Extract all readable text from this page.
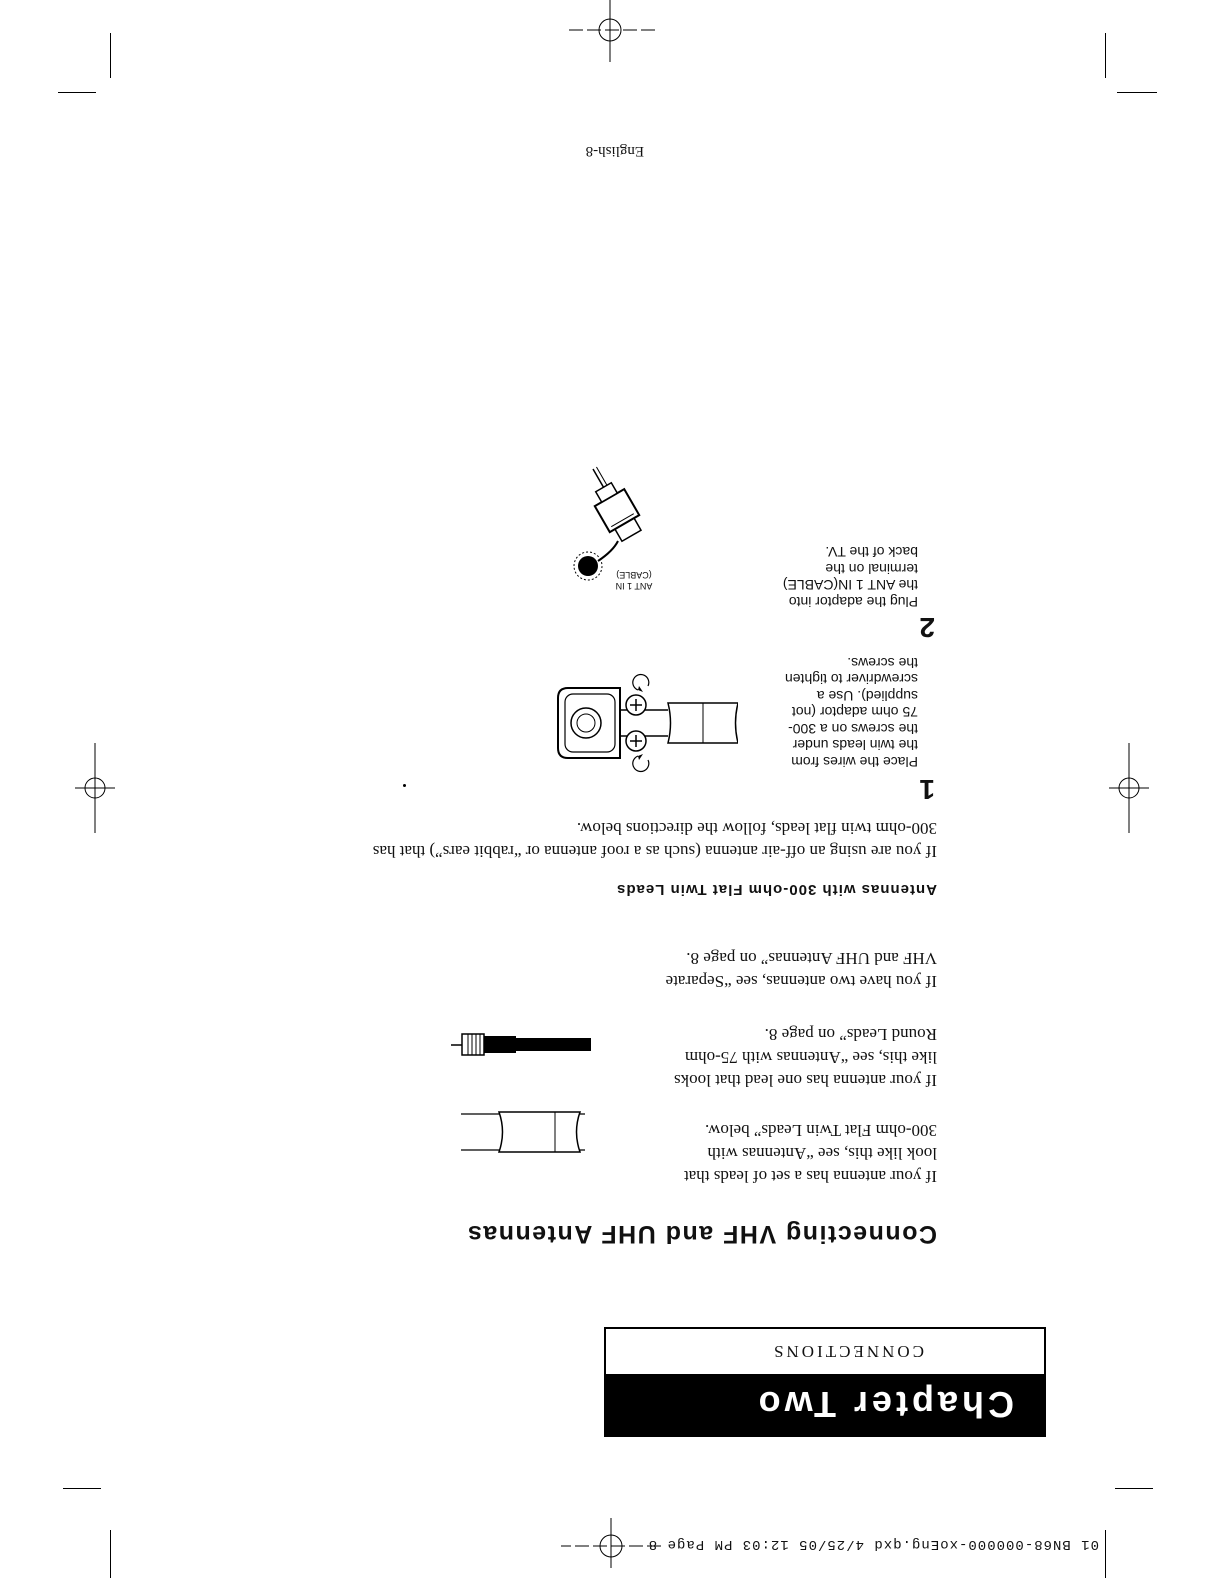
01 BN68-000000-xoEng.qxd 4/25/05 12:03 PM Page 8
Chapter Two
CONNECTIONS
Connecting VHF and UHF Antennas
If your antenna has a set of leads that
look like this, see “Antennas with
300-ohm Flat Twin Leads” below.
If your antenna has one lead that looks
like this, see “Antennas with 75-ohm
Round Leads” on page 8.
If you have two antennas, see “Separate
VHF and UHF Antennas” on page 8.
Antennas with 300-ohm Flat Twin Leads
If you are using an off-air antenna (such as a roof antenna or “rabbit ears”) that has
300-ohm twin flat leads, follow the directions below.
1
Place the wires from
the twin leads under
the screws on a 300-
75 ohm adaptor (not
supplied). Use a
screwdriver to tighten
the screws.
2
Plug the adaptor into
the ANT 1 IN(CABLE)
terminal on the
back of the TV.
ANT 1 IN
(CABLE)
English-8
